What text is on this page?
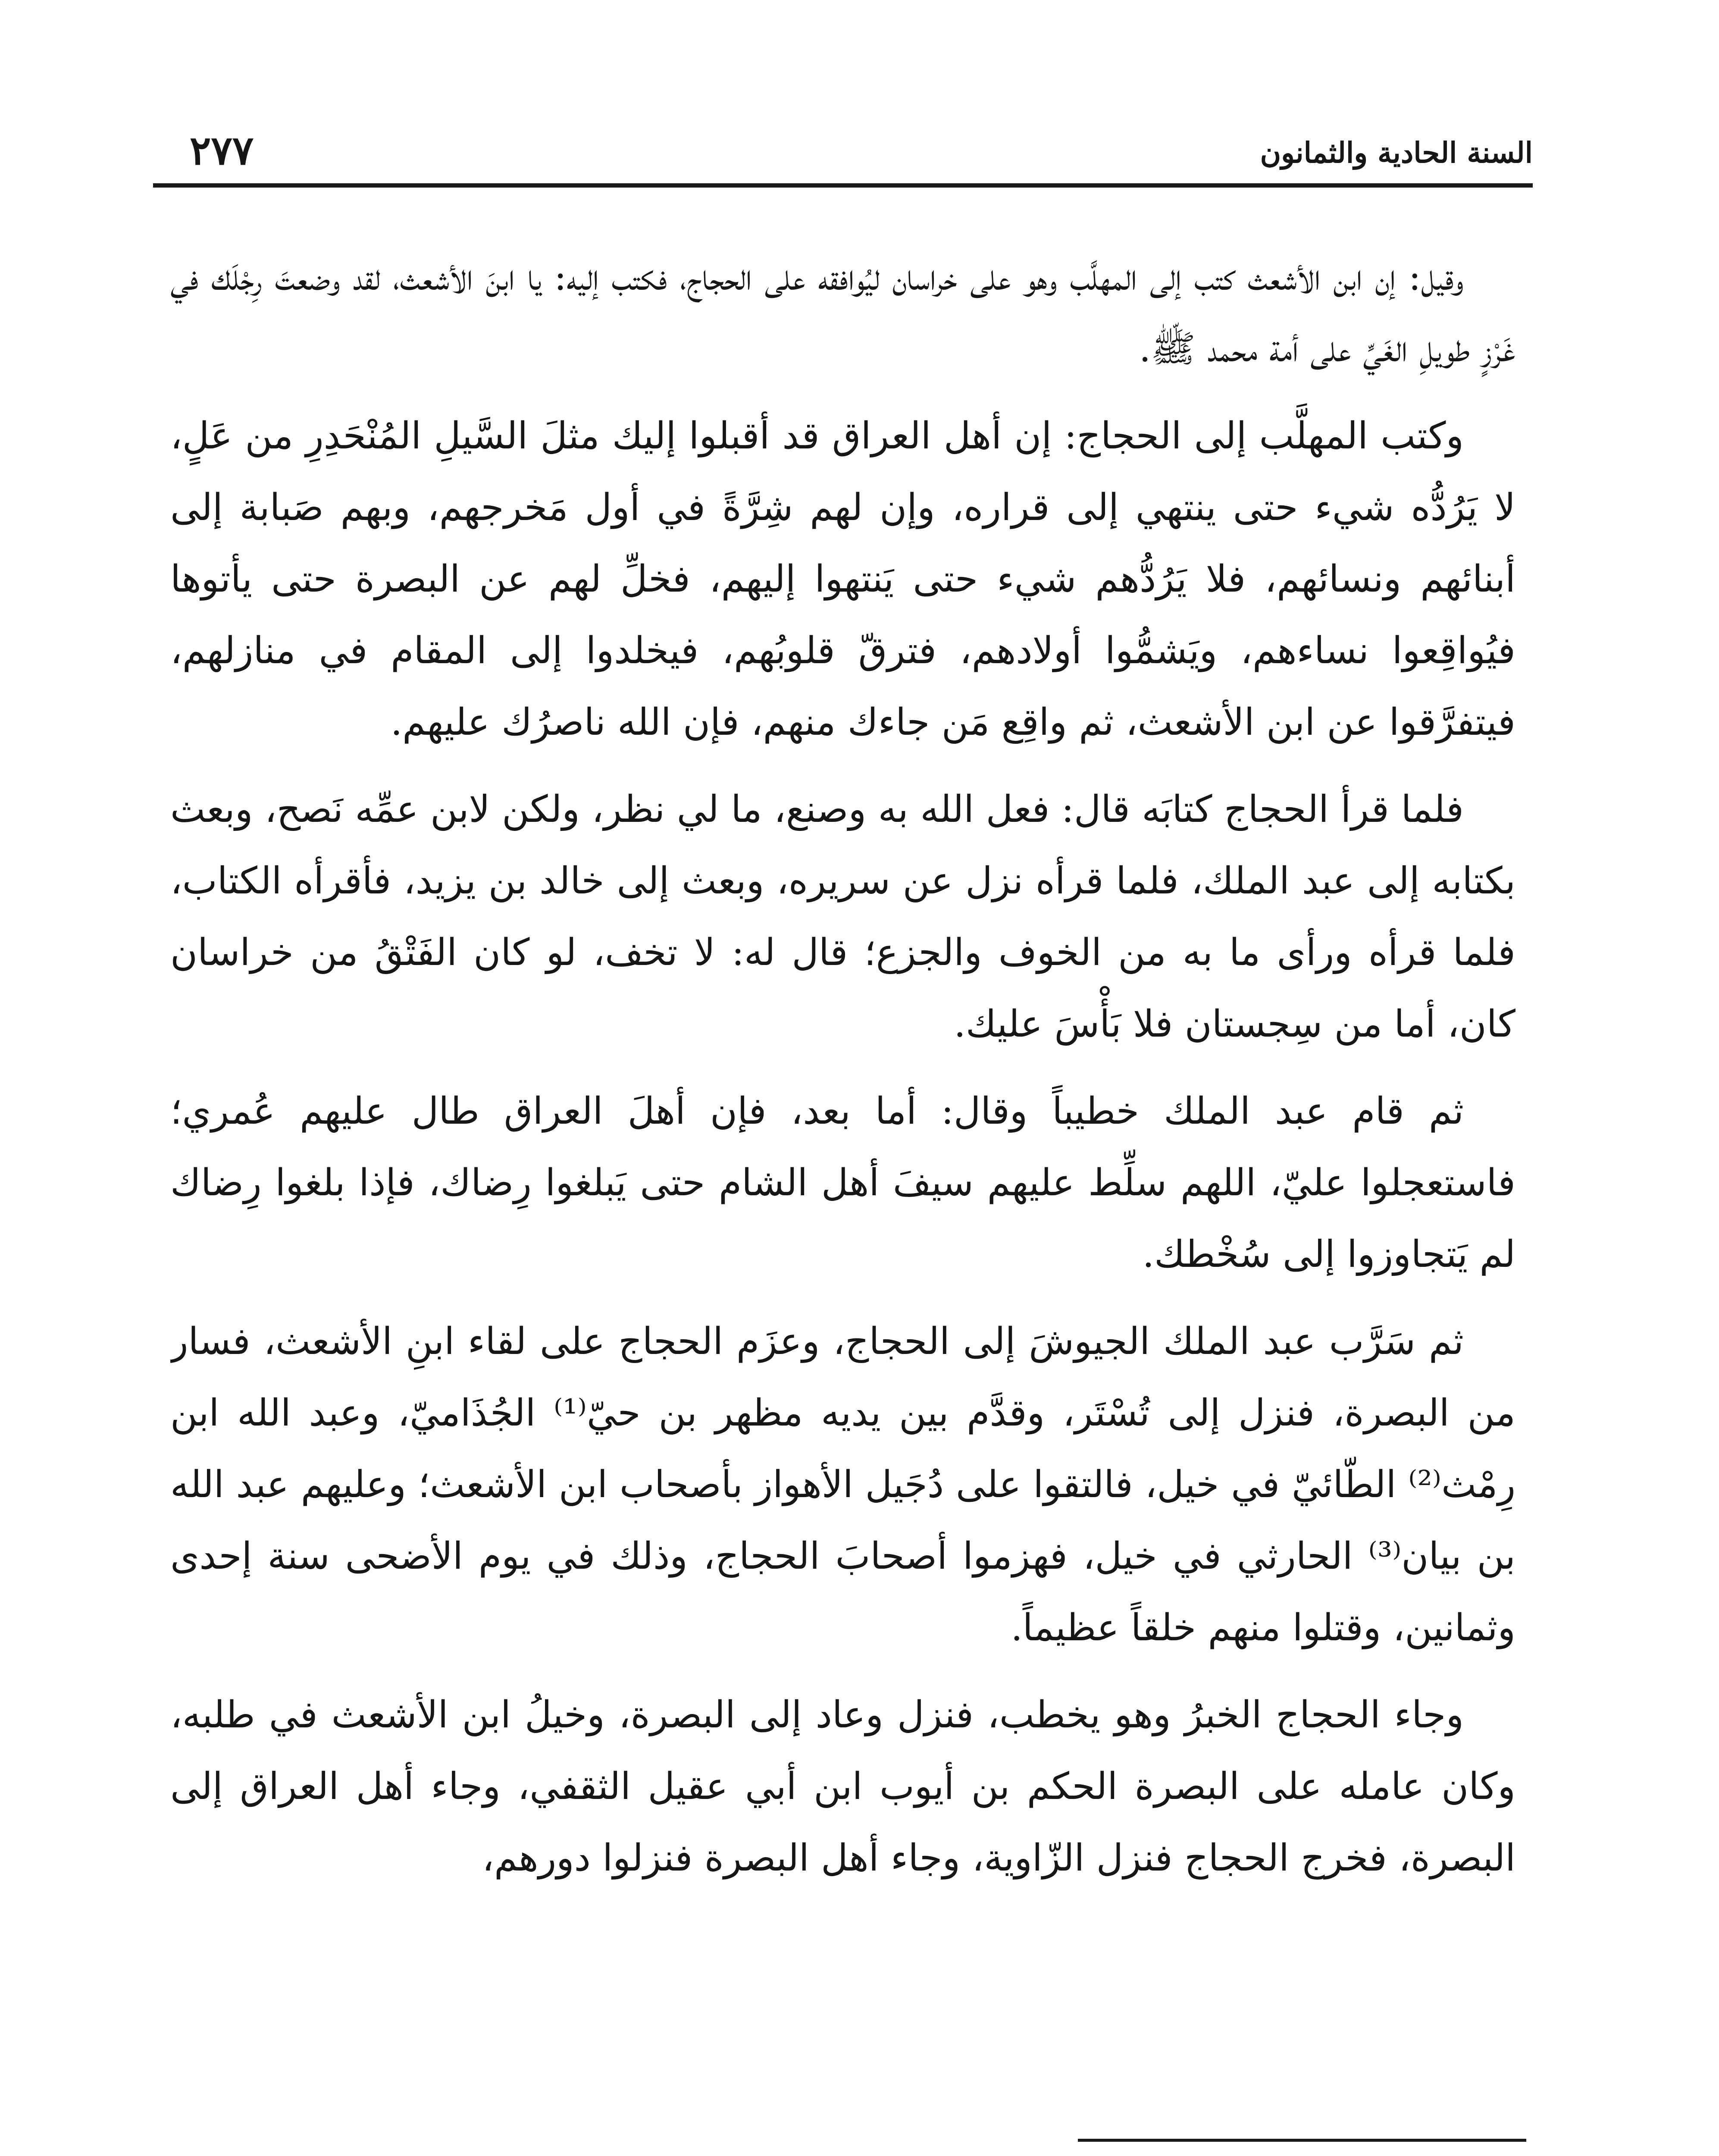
السنة الحادية والثمانون
٢٧٧

وقيل: إن ابن الأشعث كتب إلى المهلَّب وهو على خراسان ليُوافقه على الحجاج، فكتب إليه: يا ابنَ الأشعث، لقد وضعتَ رِجْلَك في غَرْزٍ طويلِ الغَيِّ على أمة محمد ﷺ.

وكتب المهلَّب إلى الحجاج: إن أهل العراق قد أقبلوا إليك مثلَ السَّيلِ المُنْحَدِرِ من عَلٍ، لا يَرُدُّه شيء حتى ينتهي إلى قراره، وإن لهم شِرَّةً في أول مَخرجهم، وبهم صَبابة إلى أبنائهم ونسائهم، فلا يَرُدُّهم شيء حتى يَنتهوا إليهم، فخلِّ لهم عن البصرة حتى يأتوها فيُواقِعوا نساءهم، ويَشمُّوا أولادهم، فترقّ قلوبُهم، فيخلدوا إلى المقام في منازلهم، فيتفرَّقوا عن ابن الأشعث، ثم واقِع مَن جاءك منهم، فإن الله ناصرُك عليهم.

فلما قرأ الحجاج كتابَه قال: فعل الله به وصنع، ما لي نظر، ولكن لابن عمِّه نَصح، وبعث بكتابه إلى عبد الملك، فلما قرأه نزل عن سريره، وبعث إلى خالد بن يزيد، فأقرأه الكتاب، فلما قرأه ورأى ما به من الخوف والجزع؛ قال له: لا تخف، لو كان الفَتْقُ من خراسان كان، أما من سِجستان فلا بَأْسَ عليك.

ثم قام عبد الملك خطيباً وقال: أما بعد، فإن أهلَ العراق طال عليهم عُمري؛ فاستعجلوا عليّ، اللهم سلِّط عليهم سيفَ أهل الشام حتى يَبلغوا رِضاك، فإذا بلغوا رِضاك لم يَتجاوزوا إلى سُخْطك.

ثم سَرَّب عبد الملك الجيوشَ إلى الحجاج، وعزَم الحجاج على لقاء ابنِ الأشعث، فسار من البصرة، فنزل إلى تُسْتَر، وقدَّم بين يديه مظهر بن حيّ⁽¹⁾ الجُذَاميّ، وعبد الله ابن رِمْث⁽²⁾ الطّائيّ في خيل، فالتقوا على دُجَيل الأهواز بأصحاب ابن الأشعث؛ وعليهم عبد الله بن بيان⁽³⁾ الحارثي في خيل، فهزموا أصحابَ الحجاج، وذلك في يوم الأضحى سنة إحدى وثمانين، وقتلوا منهم خلقاً عظيماً.

وجاء الحجاج الخبرُ وهو يخطب، فنزل وعاد إلى البصرة، وخيلُ ابن الأشعث في طلبه، وكان عامله على البصرة الحكم بن أيوب ابن أبي عقيل الثقفي، وجاء أهل العراق إلى البصرة، فخرج الحجاج فنزل الزّاوية، وجاء أهل البصرة فنزلوا دورهم،
